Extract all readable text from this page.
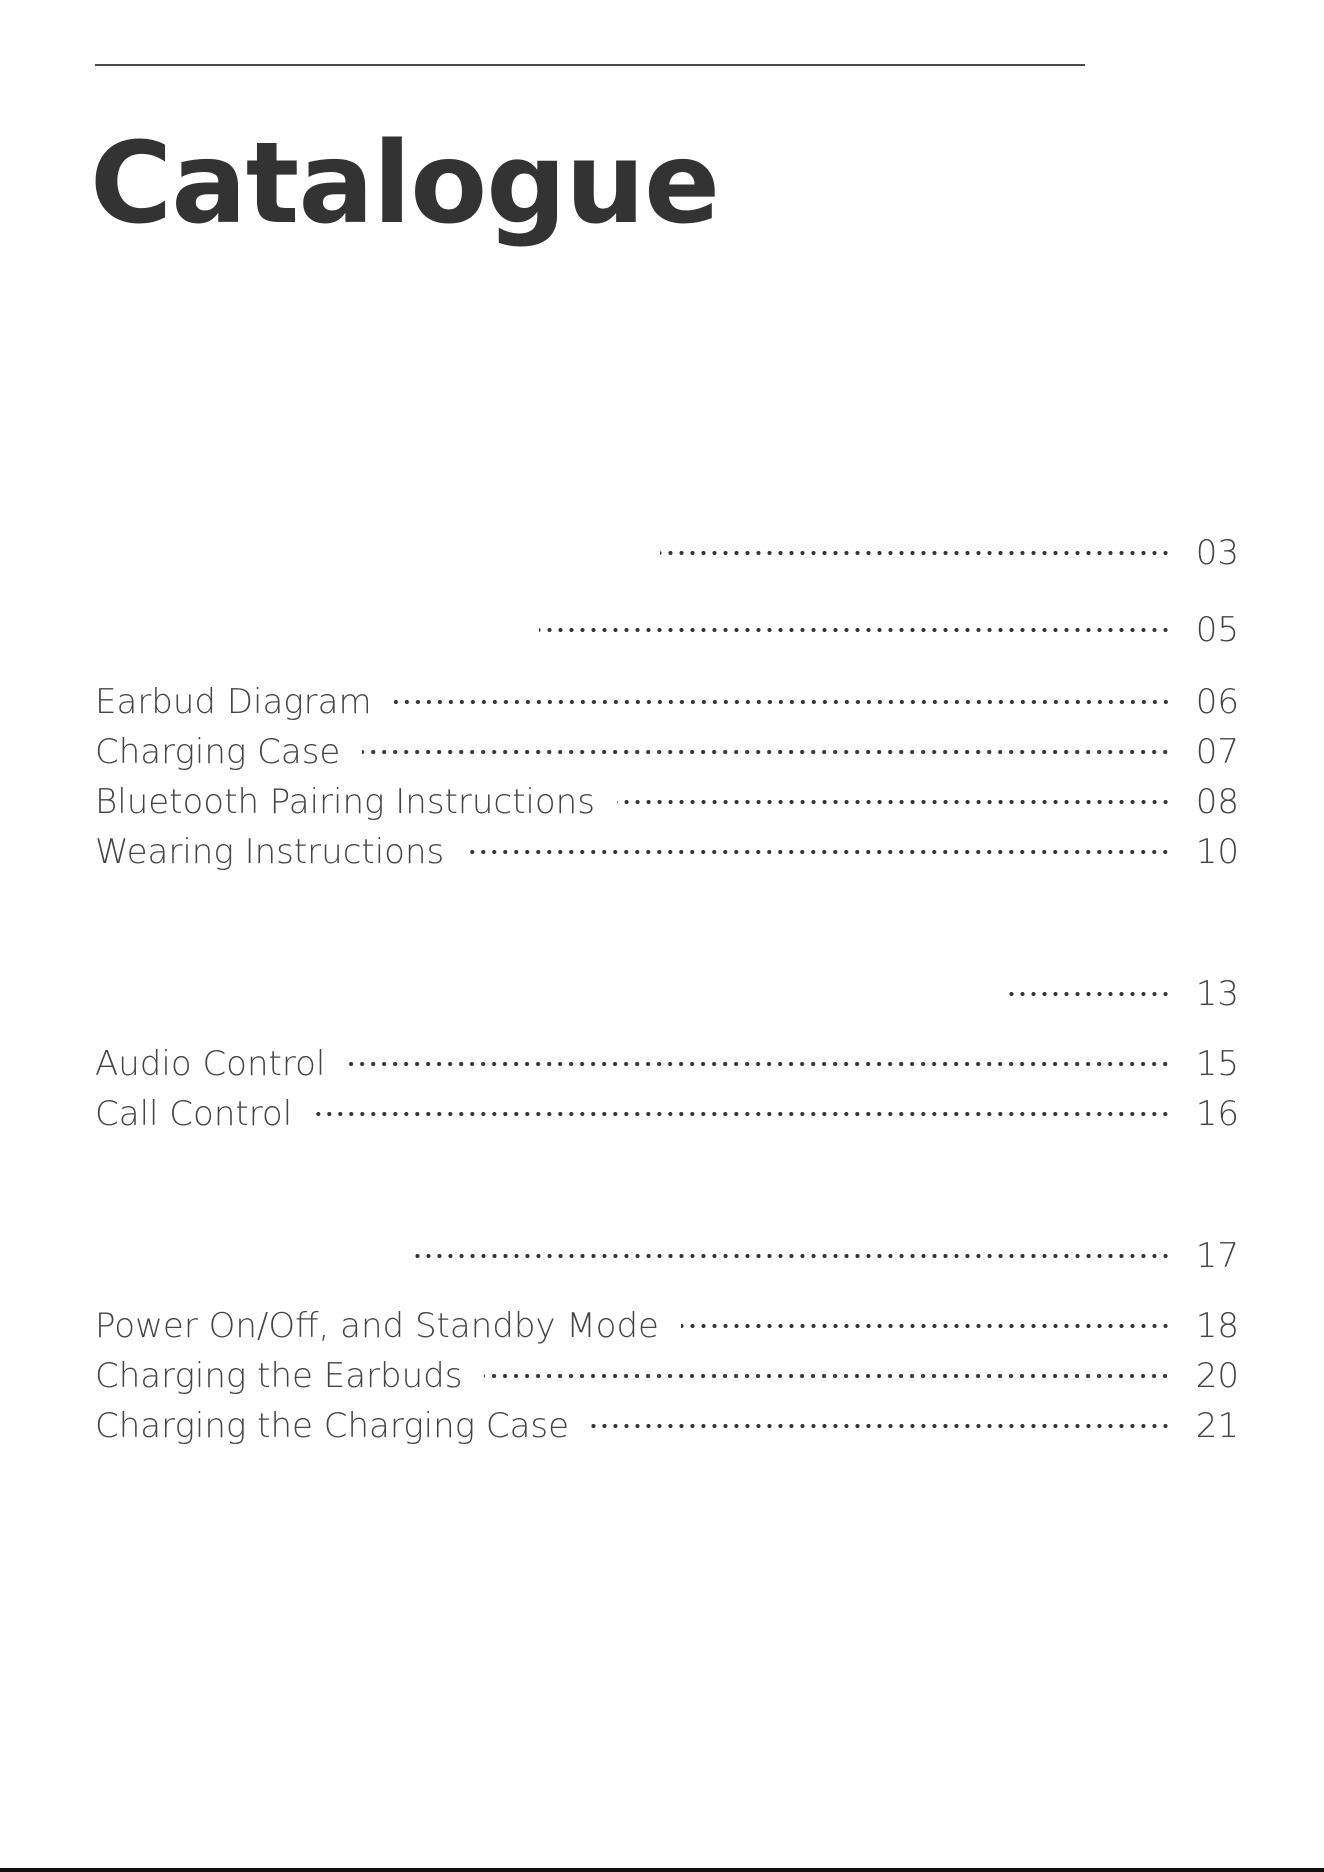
Catalogue
03
05
Earbud Diagram	06
Charging Case	07
Bluetooth Pairing Instructions	08
Wearing Instructions	10
13
Audio Control	15
Call Control	16
17
Power On/Off, and Standby Mode	18
Charging the Earbuds	20
Charging the Charging Case	21
